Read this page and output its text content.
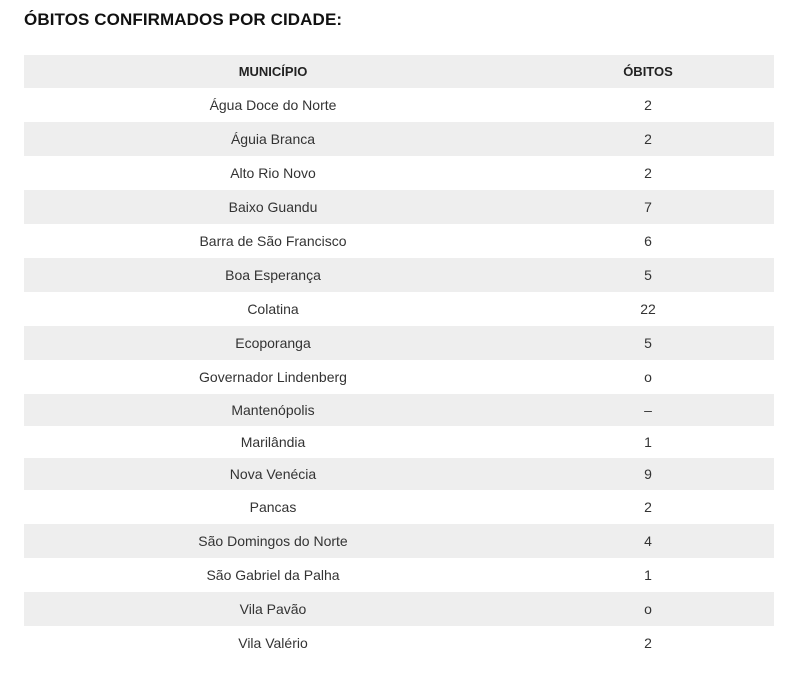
ÓBITOS CONFIRMADOS POR CIDADE:
MUNICÍPIO	ÓBITOS
Água Doce do Norte	2
Águia Branca	2
Alto Rio Novo	2
Baixo Guandu	7
Barra de São Francisco	6
Boa Esperança	5
Colatina	22
Ecoporanga	5
Governador Lindenberg	o
Mantenópolis	–
Marilândia	1
Nova Venécia	9
Pancas	2
São Domingos do Norte	4
São Gabriel da Palha	1
Vila Pavão	o
Vila Valério	2
